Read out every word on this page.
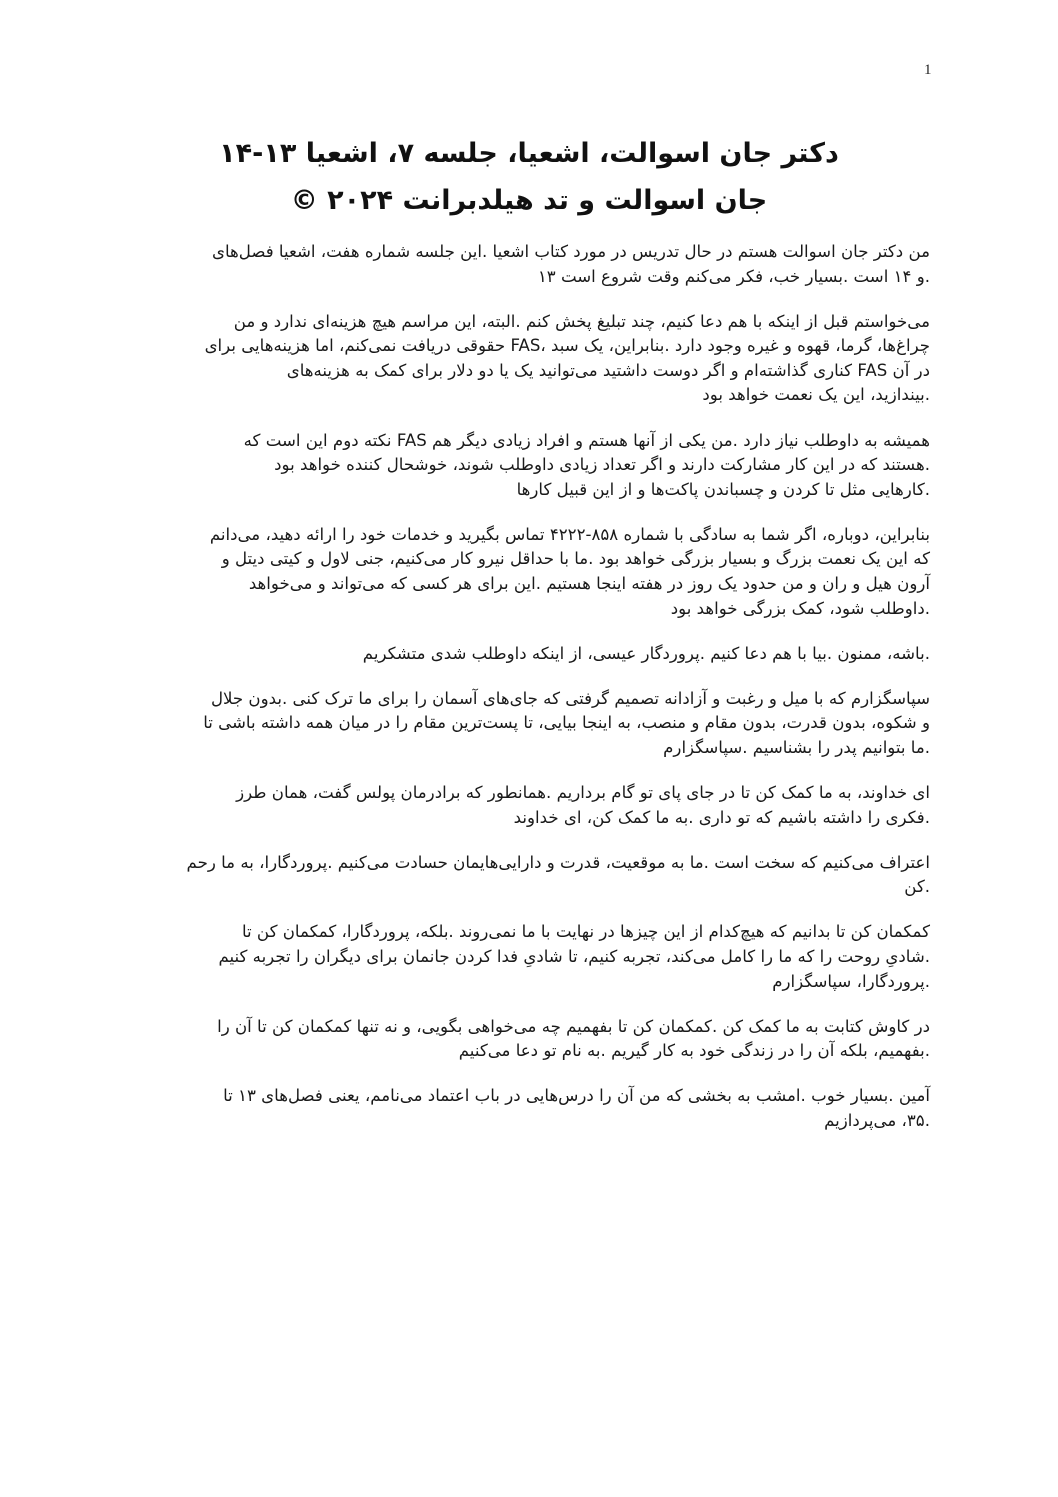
1
دکتر جان اسوالت، اشعیا، جلسه ۷، اشعیا ۱۳-۱۴
جان اسوالت و تد هیلدبرانت ۲۰۲۴ ©
من دکتر جان اسوالت هستم در حال تدریس در مورد کتاب اشعیا .این جلسه شماره هفت، اشعیا فصل‌های
.و ۱۴ است .بسیار خب، فکر می‌کنم وقت شروع است ۱۳
می‌خواستم قبل از اینکه با هم دعا کنیم، چند تبلیغ پخش کنم .البته، این مراسم هیچ هزینه‌ای ندارد و من
چراغ‌ها، گرما، قهوه و غیره وجود دارد .بنابراین، یک سبد ،FAS حقوقی دریافت نمی‌کنم، اما هزینه‌هایی برای
در آن FAS کناری گذاشته‌ام و اگر دوست داشتید می‌توانید یک یا دو دلار برای کمک به هزینه‌های
.بیندازید، این یک نعمت خواهد بود
همیشه به داوطلب نیاز دارد .من یکی از آنها هستم و افراد زیادی دیگر هم FAS نکته دوم این است که
.هستند که در این کار مشارکت دارند و اگر تعداد زیادی داوطلب شوند، خوشحال کننده خواهد بود
.کارهایی مثل تا کردن و چسباندن پاکت‌ها و از این قبیل کارها
بنابراین، دوباره، اگر شما به سادگی با شماره ۸۵۸-۴۲۲۲ تماس بگیرید و خدمات خود را ارائه دهید، می‌دانم
که این یک نعمت بزرگ و بسیار بزرگی خواهد بود .ما با حداقل نیرو کار می‌کنیم، جنی لاول و کیتی دیتل و
آرون هیل و ران و من حدود یک روز در هفته اینجا هستیم .این برای هر کسی که می‌تواند و می‌خواهد
.داوطلب شود، کمک بزرگی خواهد بود
.باشه، ممنون .بیا با هم دعا کنیم .پروردگار عیسی، از اینکه داوطلب شدی متشکریم
سپاسگزارم که با میل و رغبت و آزادانه تصمیم گرفتی که جای‌های آسمان را برای ما ترک کنی .بدون جلال
و شکوه، بدون قدرت، بدون مقام و منصب، به اینجا بیایی، تا پست‌ترین مقام را در میان همه داشته باشی تا
.ما بتوانیم پدر را بشناسیم .سپاسگزارم
ای خداوند، به ما کمک کن تا در جای پای تو گام برداریم .همانطور که برادرمان پولس گفت، همان طرز
.فکری را داشته باشیم که تو داری .به ما کمک کن، ای خداوند
اعتراف می‌کنیم که سخت است .ما به موقعیت، قدرت و دارایی‌هایمان حسادت می‌کنیم .پروردگارا، به ما رحم
.کن
کمکمان کن تا بدانیم که هیچ‌کدام از این چیزها در نهایت با ما نمی‌روند .بلکه، پروردگارا، کمکمان کن تا
.شادیِ روحت را که ما را کامل می‌کند، تجربه کنیم، تا شادیِ فدا کردن جانمان برای دیگران را تجربه کنیم
.پروردگارا، سپاسگزارم
در کاوش کتابت به ما کمک کن .کمکمان کن تا بفهمیم چه می‌خواهی بگویی، و نه تنها کمکمان کن تا آن را
.بفهمیم، بلکه آن را در زندگی خود به کار گیریم .به نام تو دعا می‌کنیم
آمین .بسیار خوب .امشب به بخشی که من آن را درس‌هایی در باب اعتماد می‌نامم، یعنی فصل‌های ۱۳ تا
.۳۵، می‌پردازیم
